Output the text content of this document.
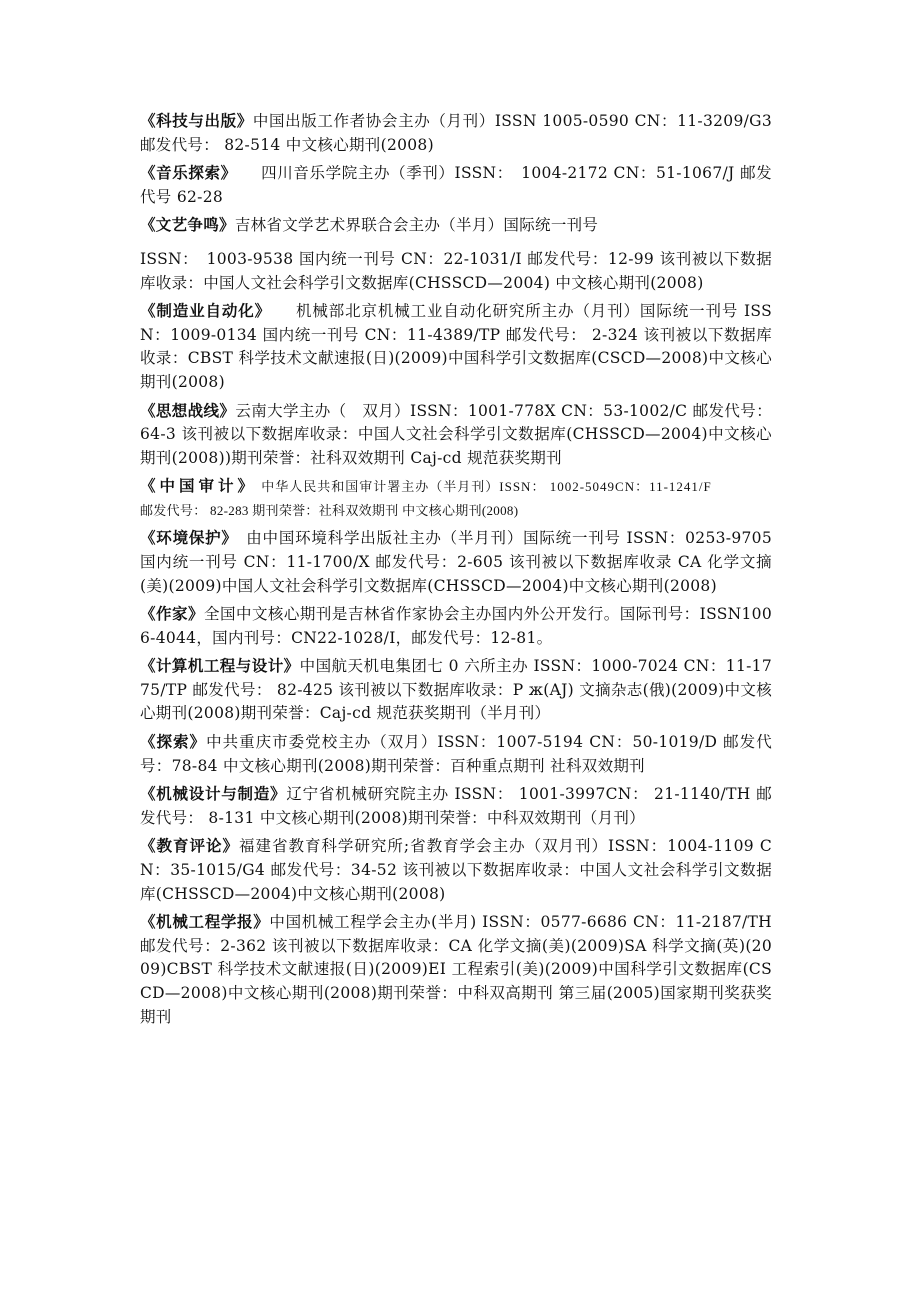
《科技与出版》中国出版工作者协会主办（月刊）ISSN 1005-0590 CN：11-3209/G3 邮发代号： 82-514 中文核心期刊(2008)

《音乐探索》　　四川音乐学院主办（季刊）ISSN：　1004-2172 CN：51-1067/J 邮发代号 62-28

《文艺争鸣》吉林省文学艺术界联合会主办（半月）国际统一刊号

ISSN：　1003-9538 国内统一刊号 CN：22-1031/I 邮发代号：12-99 该刊被以下数据库收录：中国人文社会科学引文数据库(CHSSCD—2004) 中文核心期刊(2008)

《制造业自动化》　　机械部北京机械工业自动化研究所主办（月刊）国际统一刊号 ISSN：1009-0134 国内统一刊号 CN：11-4389/TP 邮发代号： 2-324 该刊被以下数据库收录：CBST 科学技术文献速报(日)(2009)中国科学引文数据库(CSCD—2008)中文核心期刊(2008)

《思想战线》云南大学主办（　双月）ISSN：1001-778X CN：53-1002/C 邮发代号：64-3 该刊被以下数据库收录：中国人文社会科学引文数据库(CHSSCD—2004)中文核心期刊(2008))期刊荣誉：社科双效期刊 Caj-cd 规范获奖期刊

《中国审计》 中华人民共和国审计署主办（半月刊）ISSN： 1002-5049CN：11-1241/F

邮发代号： 82-283 期刊荣誉：社科双效期刊 中文核心期刊(2008)

《环境保护》　由中国环境科学出版社主办（半月刊）国际统一刊号 ISSN：0253-9705　国内统一刊号 CN：11-1700/X 邮发代号：2-605 该刊被以下数据库收录 CA 化学文摘(美)(2009)中国人文社会科学引文数据库(CHSSCD—2004)中文核心期刊(2008)

《作家》全国中文核心期刊是吉林省作家协会主办国内外公开发行。国际刊号：ISSN1006-4044，国内刊号：CN22-1028/I，邮发代号：12-81。

《计算机工程与设计》中国航天机电集团七 0 六所主办 ISSN：1000-7024 CN：11-1775/TP 邮发代号： 82-425 该刊被以下数据库收录：Р ж(AJ) 文摘杂志(俄)(2009)中文核心期刊(2008)期刊荣誉：Caj-cd 规范获奖期刊（半月刊）

《探索》中共重庆市委党校主办（双月）ISSN：1007-5194 CN：50-1019/D 邮发代号：78-84 中文核心期刊(2008)期刊荣誉：百种重点期刊 社科双效期刊

《机械设计与制造》辽宁省机械研究院主办 ISSN： 1001-3997CN： 21-1140/TH 邮发代号： 8-131 中文核心期刊(2008)期刊荣誉：中科双效期刊（月刊）

《教育评论》福建省教育科学研究所;省教育学会主办（双月刊）ISSN：1004-1109 CN：35-1015/G4 邮发代号：34-52 该刊被以下数据库收录：中国人文社会科学引文数据库(CHSSCD—2004)中文核心期刊(2008)

《机械工程学报》中国机械工程学会主办(半月) ISSN：0577-6686 CN：11-2187/TH 邮发代号：2-362 该刊被以下数据库收录：CA 化学文摘(美)(2009)SA 科学文摘(英)(2009)CBST 科学技术文献速报(日)(2009)EI 工程索引(美)(2009)中国科学引文数据库(CSCD—2008)中文核心期刊(2008)期刊荣誉：中科双高期刊 第三届(2005)国家期刊奖获奖期刊
